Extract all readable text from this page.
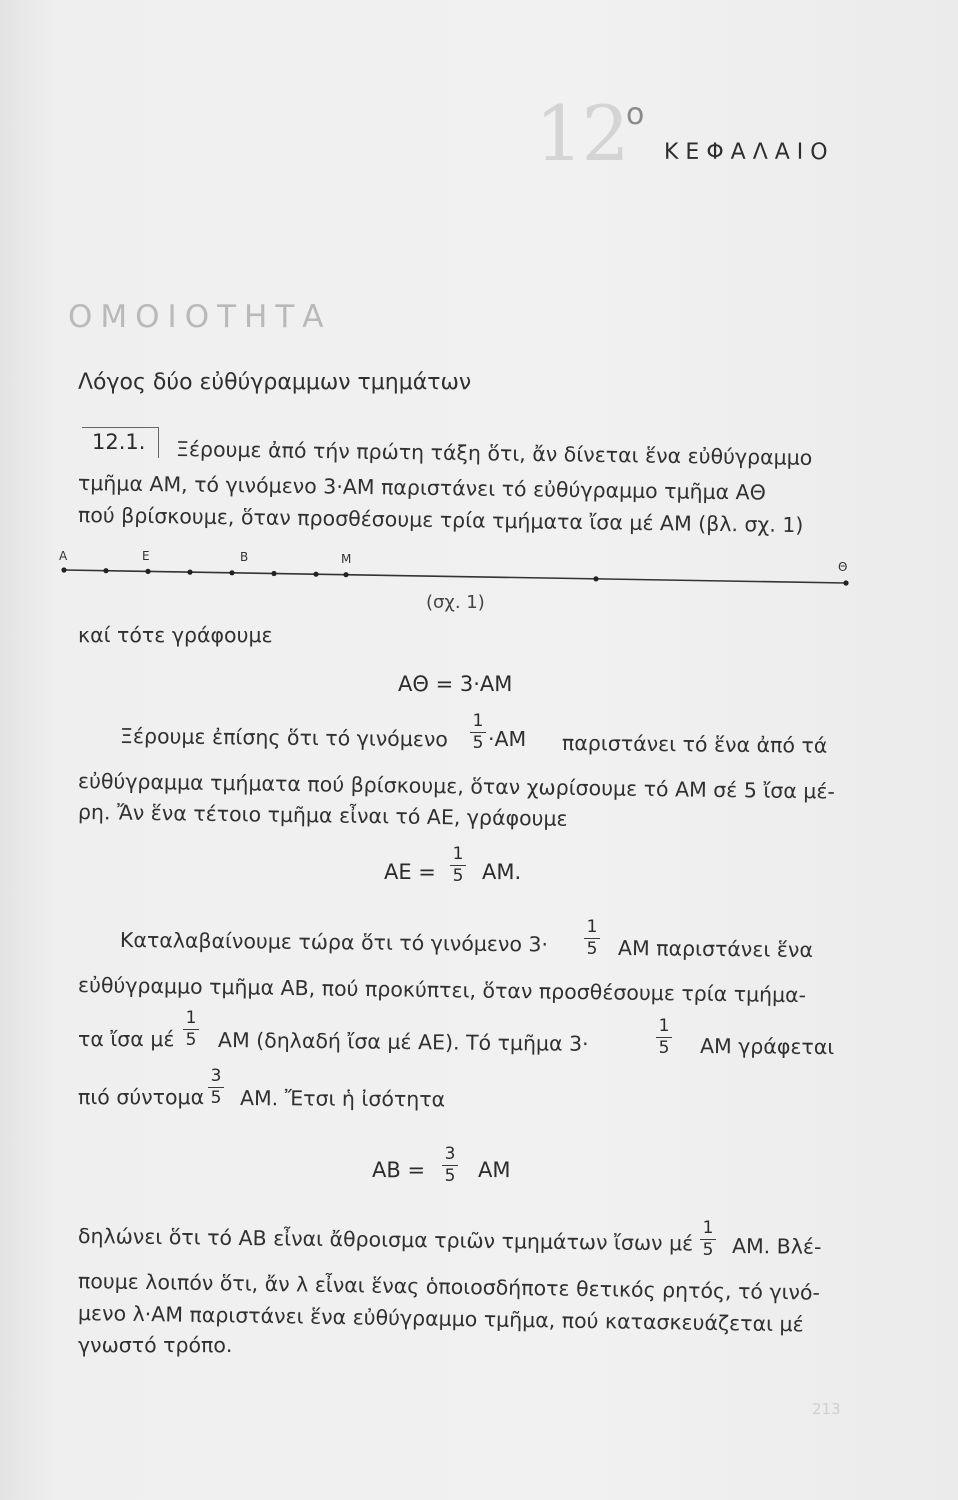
12
ο
ΚΕΦΑΛΑΙΟ
ΟΜΟΙΟΤΗΤΑ
Λόγος δύο εὐθύγραμμων τμημάτων
12.1. Ξέρουμε ἀπό τήν πρώτη τάξη ὅτι, ἄν δίνεται ἕνα εὐθύγραμμο
τμῆμα ΑΜ, τό γινόμενο 3·ΑΜ παριστάνει τό εὐθύγραμμο τμῆμα ΑΘ
πού βρίσκουμε, ὅταν προσθέσουμε τρία τμήματα ἴσα μέ ΑΜ (βλ. σχ. 1)
Α	Ε	Β	Μ
Θ
(σχ. 1)
καί τότε γράφουμε
ΑΘ = 3·ΑΜ
Ξέρουμε ἐπίσης ὅτι τό γινόμενο
1
5 ·ΑΜ παριστάνει τό ἕνα ἀπό τά
εὐθύγραμμα τμήματα πού βρίσκουμε, ὅταν χωρίσουμε τό ΑΜ σέ 5 ἴσα μέ-
ρη. Ἄν ἕνα τέτοιο τμῆμα εἶναι τό ΑΕ, γράφουμε
ΑΕ =
1
5 ΑΜ.
Καταλαβαίνουμε τώρα ὅτι τό γινόμενο 3·
1
5 ΑΜ παριστάνει ἕνα
εὐθύγραμμο τμῆμα ΑΒ, πού προκύπτει, ὅταν προσθέσουμε τρία τμήμα-
τα ἴσα μέ
1
5 ΑΜ (δηλαδή ἴσα μέ ΑΕ). Τό τμῆμα 3·
1
5 ΑΜ γράφεται
πιό σύντομα
3
5 ΑΜ. Ἔτσι ἡ ἰσότητα
ΑΒ =
3
5 ΑΜ
δηλώνει ὅτι τό ΑΒ εἶναι ἄθροισμα τριῶν τμημάτων ἴσων μέ 1
5 ΑΜ. Βλέ-
πουμε λοιπόν ὅτι, ἄν λ εἶναι ἕνας ὁποιοσδήποτε θετικός ρητός, τό γινό-
μενο λ·ΑΜ παριστάνει ἕνα εὐθύγραμμο τμῆμα, πού κατασκευάζεται μέ
γνωστό τρόπο.
213
